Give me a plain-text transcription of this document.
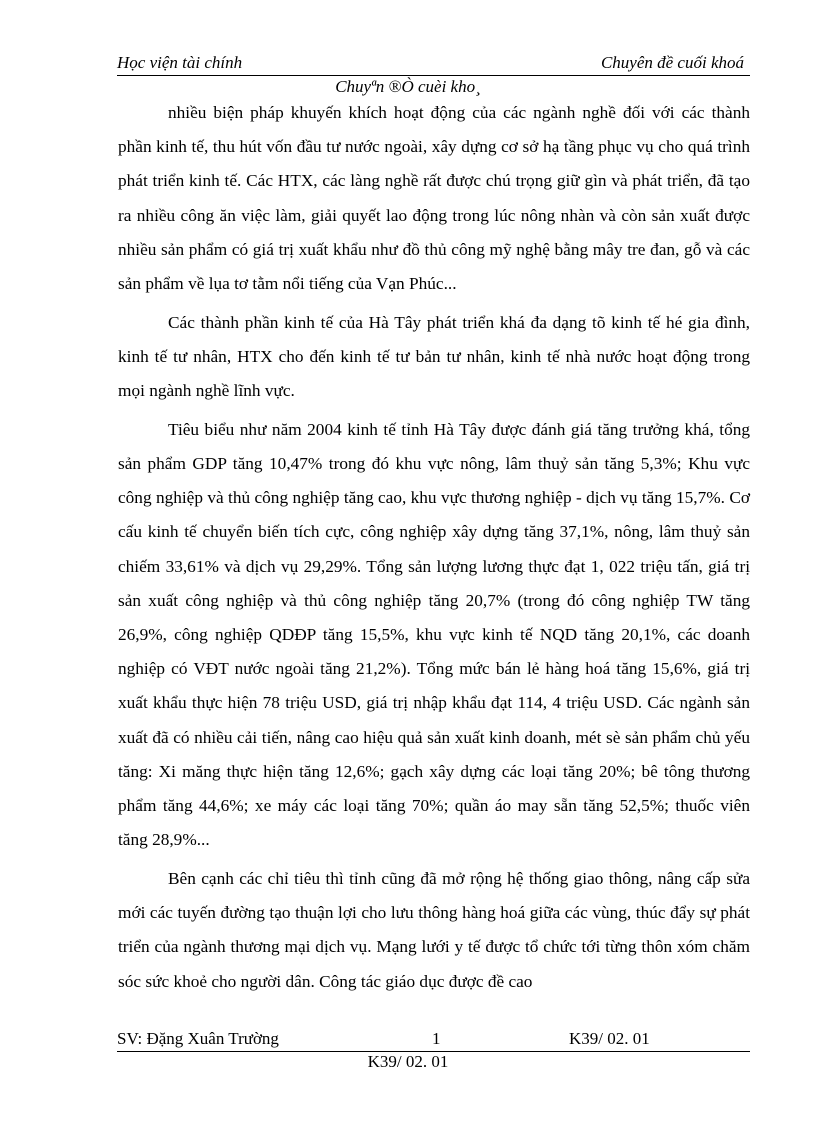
Học viện tài chính	Chuyên đề cuối khoá
Chuyªn ®Ò cuèi kho¸

nhiều biện pháp khuyến khích hoạt động của các ngành nghề đối với các thành phần kinh tế, thu hút vốn đầu tư nước ngoài, xây dựng cơ sở hạ tầng phục vụ cho quá trình phát triển kinh tế. Các HTX, các làng nghề rất được chú trọng giữ gìn và phát triển, đã tạo ra nhiều công ăn việc làm, giải quyết lao động trong lúc nông nhàn và còn sản xuất được nhiều sản phẩm có giá trị xuất khẩu như đồ thủ công mỹ nghệ bằng mây tre đan, gỗ và các sản phẩm về lụa tơ tằm nổi tiếng của Vạn Phúc...

Các thành phần kinh tế của Hà Tây phát triển khá đa dạng tõ kinh tế hé gia đình, kinh tế tư nhân, HTX cho đến kinh tế tư bản tư nhân, kinh tế nhà nước hoạt động trong mọi ngành nghề lĩnh vực.

Tiêu biểu như năm 2004 kinh tế tỉnh Hà Tây được đánh giá tăng trưởng khá, tổng sản phẩm GDP tăng 10,47% trong đó khu vực nông, lâm thuỷ sản tăng 5,3%; Khu vực công nghiệp và thủ công nghiệp tăng cao, khu vực thương nghiệp - dịch vụ tăng 15,7%. Cơ cấu kinh tế chuyển biến tích cực, công nghiệp xây dựng tăng 37,1%, nông, lâm thuỷ sản chiếm 33,61% và dịch vụ 29,29%. Tổng sản lượng lương thực đạt 1, 022 triệu tấn, giá trị sản xuất công nghiệp và thủ công nghiệp tăng 20,7% (trong đó công nghiệp TW tăng 26,9%, công nghiệp QDĐP tăng 15,5%, khu vực kinh tế NQD tăng 20,1%, các doanh nghiệp có VĐT nước ngoài tăng 21,2%). Tổng mức bán lẻ hàng hoá tăng 15,6%, giá trị xuất khẩu thực hiện 78 triệu USD, giá trị nhập khẩu đạt 114, 4 triệu USD. Các ngành sản xuất đã có nhiều cải tiến, nâng cao hiệu quả sản xuất kinh doanh, mét sè sản phẩm chủ yếu tăng: Xi măng thực hiện tăng 12,6%; gạch xây dựng các loại tăng 20%; bê tông thương phẩm tăng 44,6%; xe máy các loại tăng 70%; quần áo may sẵn tăng 52,5%; thuốc viên tăng 28,9%...

Bên cạnh các chỉ tiêu thì tỉnh cũng đã mở rộng hệ thống giao thông, nâng cấp sửa mới các tuyến đường tạo thuận lợi cho lưu thông hàng hoá giữa các vùng, thúc đẩy sự phát triển của ngành thương mại dịch vụ. Mạng lưới y tế được tổ chức tới từng thôn xóm chăm sóc sức khoẻ cho người dân. Công tác giáo dục được đề cao

SV: Đặng Xuân Trường	1	K39/ 02. 01
K39/ 02. 01
